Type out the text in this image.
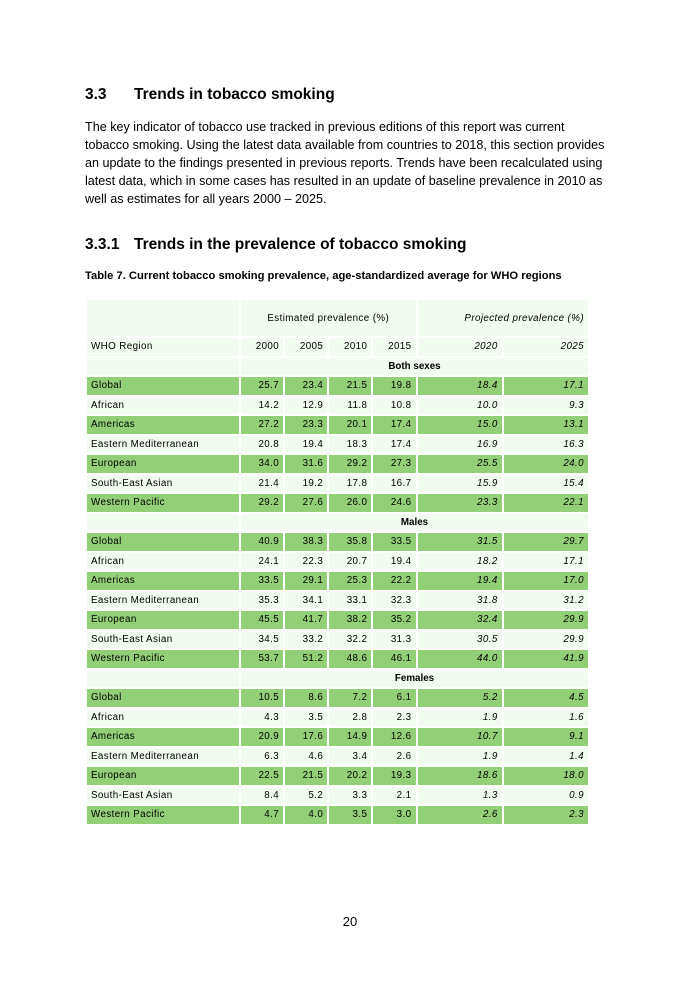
3.3 Trends in tobacco smoking
The key indicator of tobacco use tracked in previous editions of this report was current tobacco smoking. Using the latest data available from countries to 2018, this section provides an update to the findings presented in previous reports. Trends have been recalculated using latest data, which in some cases has resulted in an update of baseline prevalence in 2010 as well as estimates for all years 2000 – 2025.
3.3.1 Trends in the prevalence of tobacco smoking
Table 7. Current tobacco smoking prevalence, age-standardized average for WHO regions
	Estimated prevalence (%)				Projected prevalence (%)	
WHO Region	2000	2005	2010	2015	2020	2025
	Both sexes					
Global	25.7	23.4	21.5	19.8	18.4	17.1
African	14.2	12.9	11.8	10.8	10.0	9.3
Americas	27.2	23.3	20.1	17.4	15.0	13.1
Eastern Mediterranean	20.8	19.4	18.3	17.4	16.9	16.3
European	34.0	31.6	29.2	27.3	25.5	24.0
South-East Asian	21.4	19.2	17.8	16.7	15.9	15.4
Western Pacific	29.2	27.6	26.0	24.6	23.3	22.1
	Males					
Global	40.9	38.3	35.8	33.5	31.5	29.7
African	24.1	22.3	20.7	19.4	18.2	17.1
Americas	33.5	29.1	25.3	22.2	19.4	17.0
Eastern Mediterranean	35.3	34.1	33.1	32.3	31.8	31.2
European	45.5	41.7	38.2	35.2	32.4	29.9
South-East Asian	34.5	33.2	32.2	31.3	30.5	29.9
Western Pacific	53.7	51.2	48.6	46.1	44.0	41.9
	Females					
Global	10.5	8.6	7.2	6.1	5.2	4.5
African	4.3	3.5	2.8	2.3	1.9	1.6
Americas	20.9	17.6	14.9	12.6	10.7	9.1
Eastern Mediterranean	6.3	4.6	3.4	2.6	1.9	1.4
European	22.5	21.5	20.2	19.3	18.6	18.0
South-East Asian	8.4	5.2	3.3	2.1	1.3	0.9
Western Pacific	4.7	4.0	3.5	3.0	2.6	2.3
20
